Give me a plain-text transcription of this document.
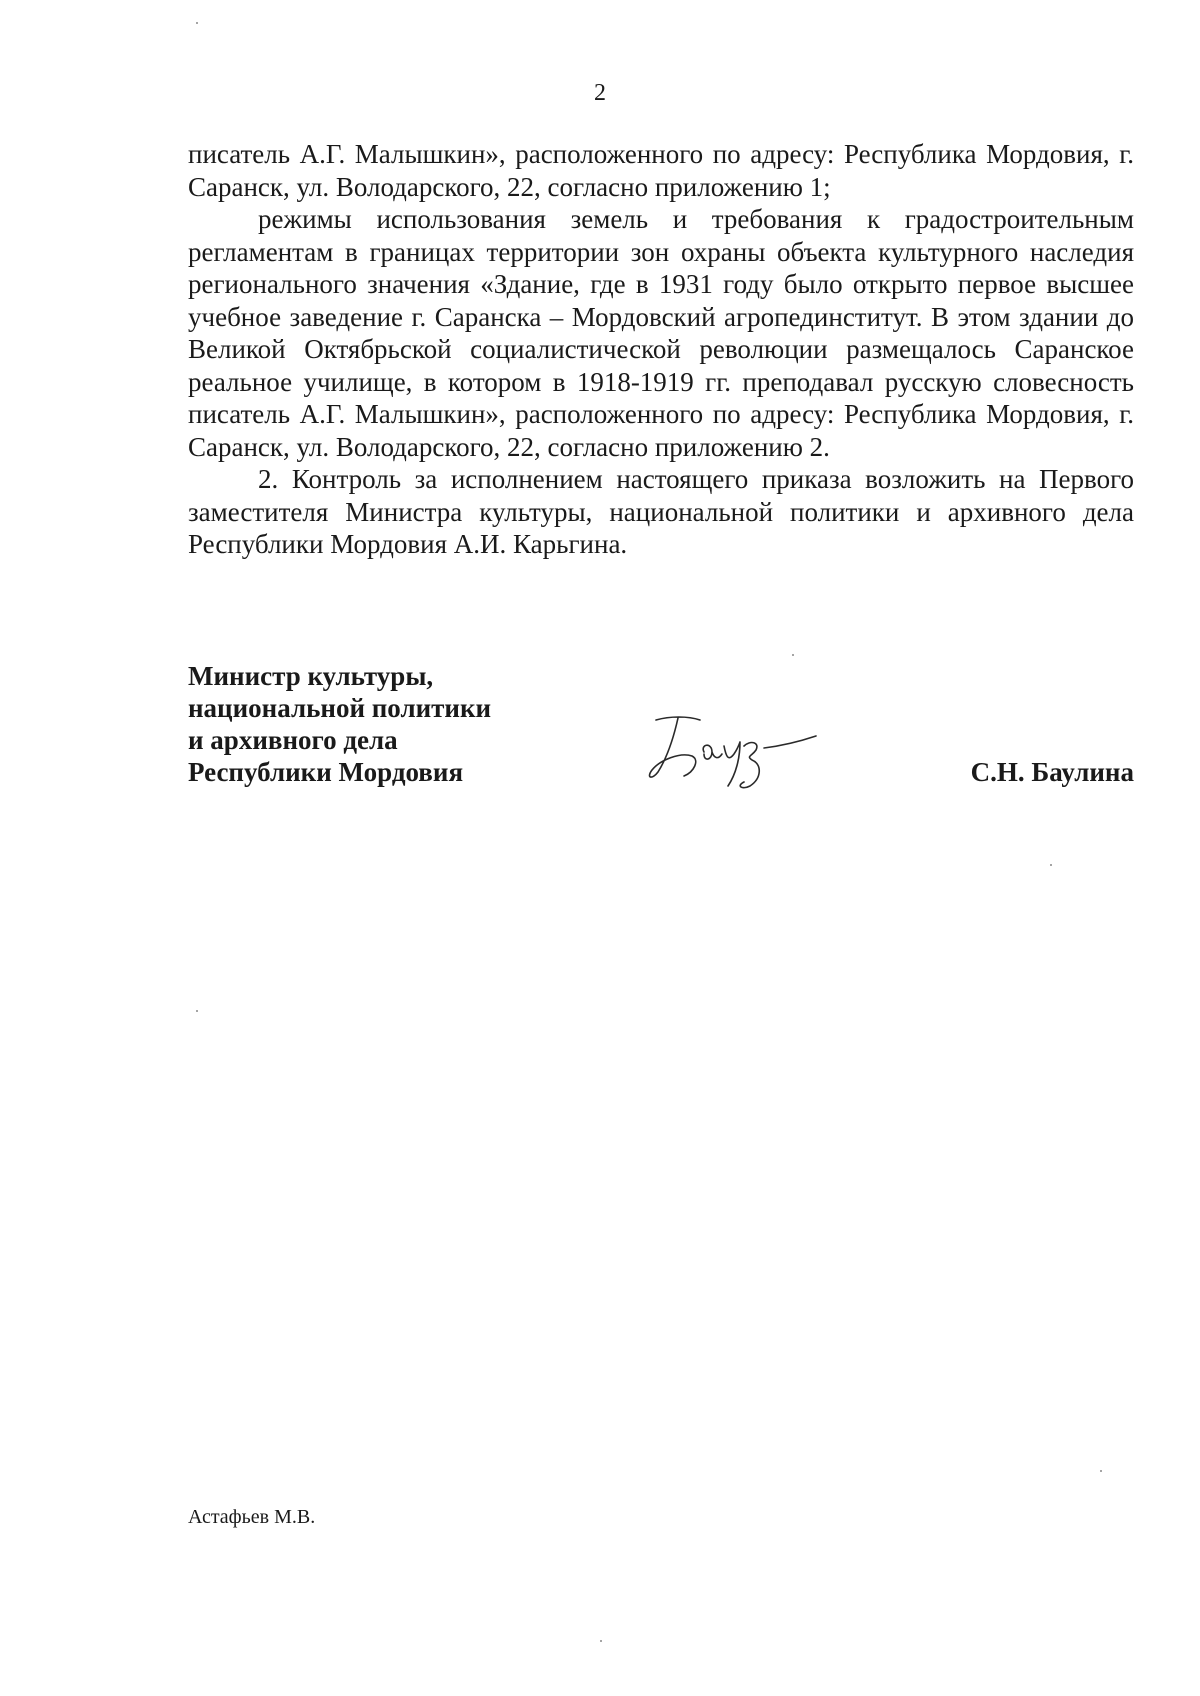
2

писатель А.Г. Малышкин», расположенного по адресу: Республика Мордовия, г. Саранск, ул. Володарского, 22, согласно приложению 1;

режимы использования земель и требования к градостроительным регламентам в границах территории зон охраны объекта культурного наследия регионального значения «Здание, где в 1931 году было открыто первое высшее учебное заведение г. Саранска – Мордовский агропединститут. В этом здании до Великой Октябрьской социалистической революции размещалось Саранское реальное училище, в котором в 1918-1919 гг. преподавал русскую словесность писатель А.Г. Малышкин», расположенного по адресу: Республика Мордовия, г. Саранск, ул. Володарского, 22, согласно приложению 2.

2. Контроль за исполнением настоящего приказа возложить на Первого заместителя Министра культуры, национальной политики и архивного дела Республики Мордовия А.И. Карьгина.

Министр культуры,
национальной политики
и архивного дела
Республики Мордовия	С.Н. Баулина
Астафьев М.В.
